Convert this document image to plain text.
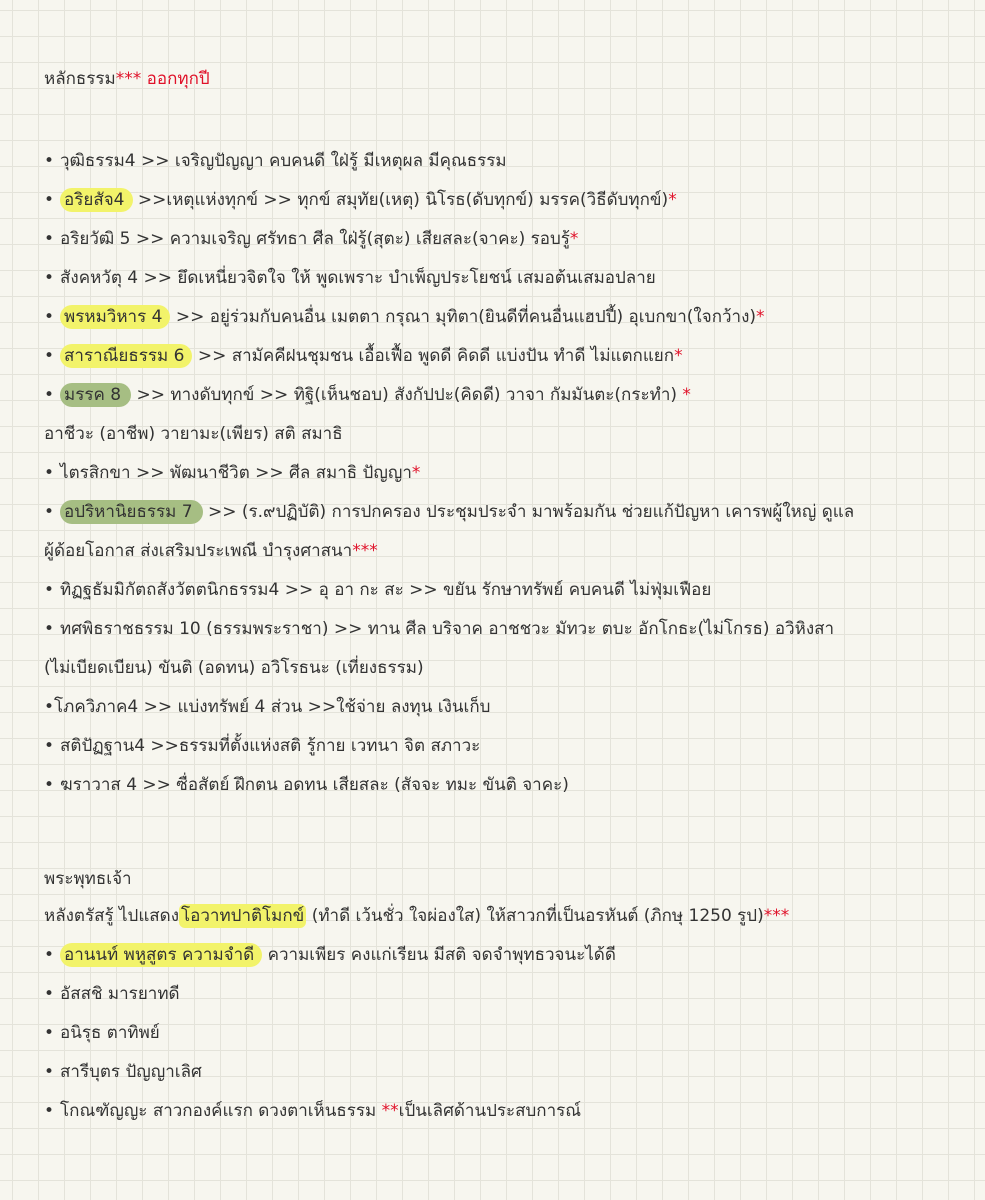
หลักธรรม*** ออกทุกปี
• วุฒิธรรม4 >> เจริญปัญญา คบคนดี ใฝ่รู้ มีเหตุผล มีคุณธรรม
• อริยสัจ4 >>เหตุแห่งทุกข์ >> ทุกข์ สมุทัย(เหตุ) นิโรธ(ดับทุกข์) มรรค(วิธีดับทุกข์)*
• อริยวัฒิ 5 >> ความเจริญ ศรัทธา ศีล ใฝ่รู้(สุตะ) เสียสละ(จาคะ) รอบรู้*
• สังคหวัตุ 4 >> ยึดเหนี่ยวจิตใจ ให้ พูดเพราะ บำเพ็ญประโยชน์ เสมอต้นเสมอปลาย
• พรหมวิหาร 4 >> อยู่ร่วมกับคนอื่น เมตตา กรุณา มุทิตา(ยินดีที่คนอื่นแฮปปี้) อุเบกขา(ใจกว้าง)*
• สาราณียธรรม 6 >> สามัคคีฝนชุมชน เอื้อเฟื้อ พูดดี คิดดี แบ่งปัน ทำดี ไม่แตกแยก*
• มรรค 8 >> ทางดับทุกข์ >> ทิฐิ(เห็นชอบ) สังกัปปะ(คิดดี) วาจา กัมมันตะ(กระทำ) *
อาชีวะ (อาชีพ) วายามะ(เพียร) สติ สมาธิ
• ไตรสิกขา >> พัฒนาชีวิต >> ศีล สมาธิ ปัญญา*
• อปริหานิยธรรม 7 >> (ร.๙ปฏิบัติ) การปกครอง ประชุมประจำ มาพร้อมกัน ช่วยแก้ปัญหา เคารพผู้ใหญ่ ดูแล
ผู้ด้อยโอกาส ส่งเสริมประเพณี บำรุงศาสนา***
• ทิฏฐธัมมิกัตถสังวัตตนิกธรรม4 >> อุ อา กะ สะ >> ขยัน รักษาทรัพย์ คบคนดี ไม่ฟุ่มเฟือย
• ทศพิธราชธรรม 10 (ธรรมพระราชา) >> ทาน ศีล บริจาค อาชชวะ มัทวะ ตบะ อักโกธะ(ไม่โกรธ) อวิหิงสา
(ไม่เบียดเบียน) ขันติ (อดทน) อวิโรธนะ (เที่ยงธรรม)
•โภควิภาค4 >> แบ่งทรัพย์ 4 ส่วน >>ใช้จ่าย ลงทุน เงินเก็บ
• สติปัฏฐาน4 >>ธรรมที่ตั้งแห่งสติ รู้กาย เวทนา จิต สภาวะ
• ฆราวาส 4 >> ซื่อสัตย์ ฝึกตน อดทน เสียสละ (สัจจะ ทมะ ขันติ จาคะ)
พระพุทธเจ้า
หลังตรัสรู้ ไปแสดง โอวาทปาติโมกข์ (ทำดี เว้นชั่ว ใจผ่องใส) ให้สาวกที่เป็นอรหันต์ (ภิกษุ 1250 รูป)***
• อานนท์ พหูสูตร ความจำดี ความเพียร คงแก่เรียน มีสติ จดจำพุทธวจนะได้ดี
• อัสสชิ มารยาทดี
• อนิรุธ ตาทิพย์
• สารีบุตร ปัญญาเลิศ
• โกณฑัญญะ สาวกองค์แรก ดวงตาเห็นธรรม **เป็นเลิศด้านประสบการณ์
